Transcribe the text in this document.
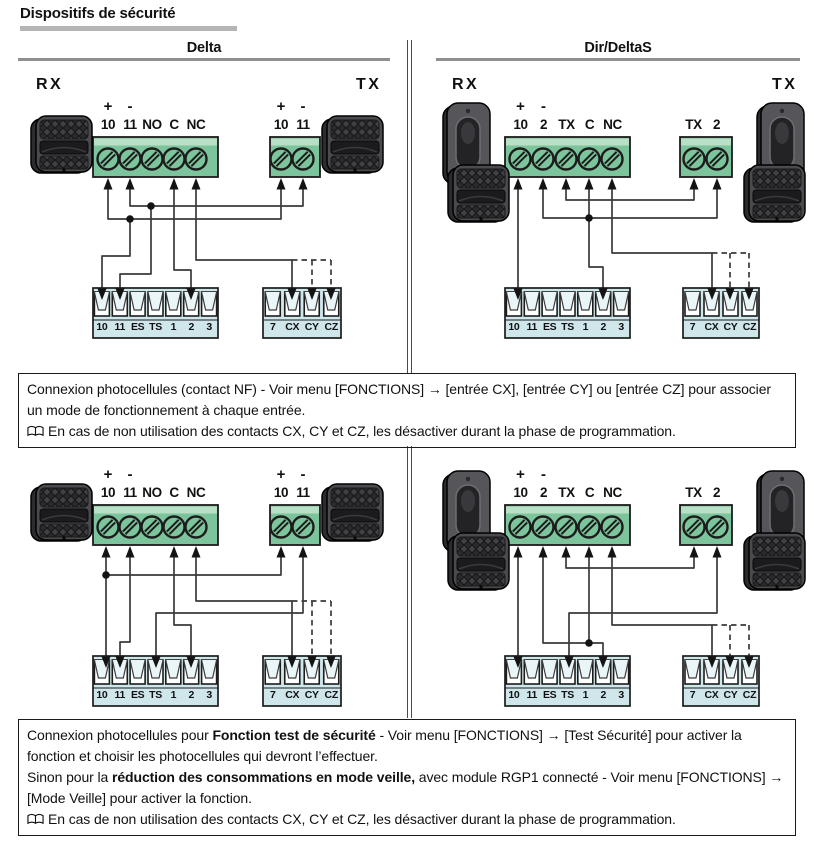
Dispositifs de sécurité
Delta	Dir/DeltaS
RX	TX
+	-
10 11 NO C NC
+	-
10 11
10 11 ES TS 1	2	3	7 CX CY CZ
RX	TX
+	-
10 2 TX C NC	TX 2
10 11 ES TS 1	2	3	7 CX CY CZ

Connexion photocellules (contact NF) - Voir menu [FONCTIONS] → [entrée CX], [entrée CY] ou [entrée CZ] pour associer un mode de fonctionnement à chaque entrée.

En cas de non utilisation des contacts CX, CY et CZ, les désactiver durant la phase de programmation.

+	-
10 11 NO C NC
+	-
10 11
10 11 ES TS 1	2	3	7 CX CY CZ
+	-
10 2 TX C NC	TX 2
10 11 ES TS 1	2	3	7 CX CY CZ

Connexion photocellules pour Fonction test de sécurité - Voir menu [FONCTIONS] → [Test Sécurité] pour activer la fonction et choisir les photocellules qui devront l’effectuer.

Sinon pour la réduction des consommations en mode veille, avec module RGP1 connecté - Voir menu [FONCTIONS] → [Mode Veille] pour activer la fonction.

En cas de non utilisation des contacts CX, CY et CZ, les désactiver durant la phase de programmation.
